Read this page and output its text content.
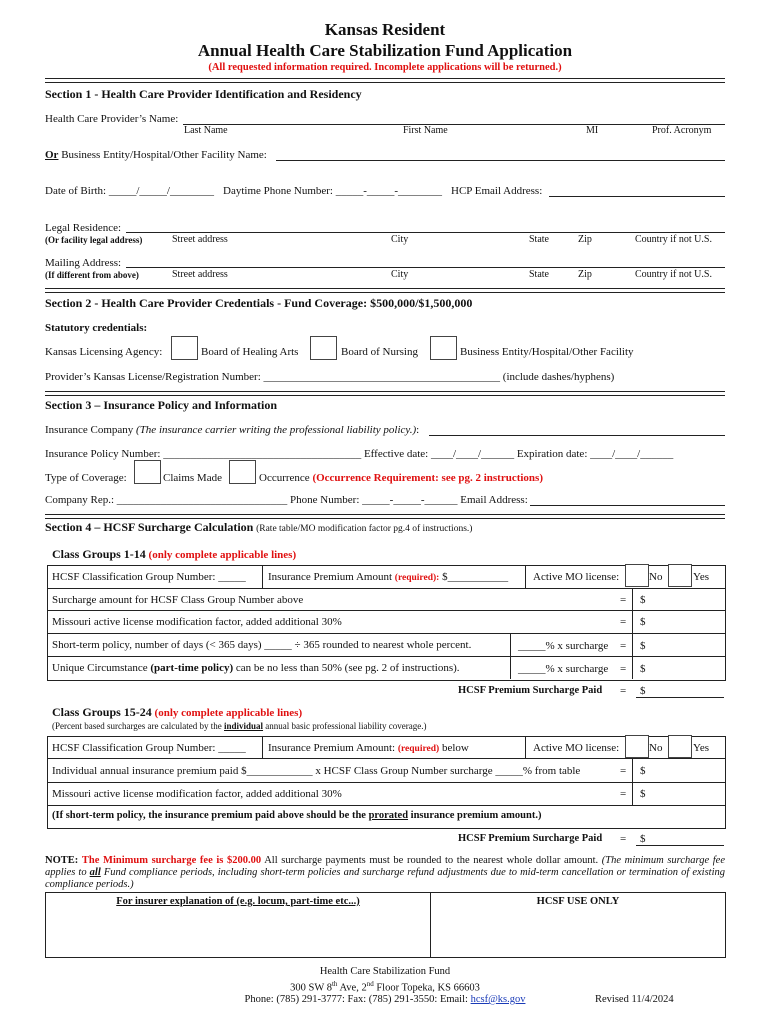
Kansas Resident
Annual Health Care Stabilization Fund Application
(All requested information required. Incomplete applications will be returned.)
Section 1 - Health Care Provider Identification and Residency
Health Care Provider’s Name:
Last Name	First Name	MI	Prof. Acronym
Or Business Entity/Hospital/Other Facility Name:
Date of Birth: _____/_____/________ Daytime Phone Number: _____-_____-________ HCP Email Address:
Legal Residence:
(Or facility legal address)	Street address	City	State	Zip	Country if not U.S.
Mailing Address:
(If different from above)	Street address	City	State	Zip	Country if not U.S.
Section 2 - Health Care Provider Credentials - Fund Coverage: $500,000/$1,500,000
Statutory credentials:
Kansas Licensing Agency:	Board of Healing Arts	Board of Nursing	Business Entity/Hospital/Other Facility
Provider’s Kansas License/Registration Number: ___________________________________________ (include dashes/hyphens)
Section 3 – Insurance Policy and Information
Insurance Company (The insurance carrier writing the professional liability policy.):
Insurance Policy Number: ____________________________________ Effective date: ____/____/______ Expiration date: ____/____/______
Type of Coverage:	Claims Made	Occurrence (Occurrence Requirement: see pg. 2 instructions)
Company Rep.: _______________________________ Phone Number: _____-_____-______ Email Address:
Section 4 – HCSF Surcharge Calculation (Rate table/MO modification factor pg.4 of instructions.)
Class Groups 1-14 (only complete applicable lines)
HCSF Classification Group Number: _____ Insurance Premium Amount (required): $___________ Active MO license:	No	Yes
Surcharge amount for HCSF Class Group Number above	= $
Missouri active license modification factor, added additional 30%	= $
Short-term policy, number of days (< 365 days) _____ ÷ 365 rounded to nearest whole percent.	_____% x surcharge = $
Unique Circumstance (part-time policy) can be no less than 50% (see pg. 2 of instructions).	_____% x surcharge = $
HCSF Premium Surcharge Paid = $
Class Groups 15-24 (only complete applicable lines)
(Percent based surcharges are calculated by the individual annual basic professional liability coverage.)
HCSF Classification Group Number: _____ Insurance Premium Amount: (required) below	Active MO license:	No	Yes
Individual annual insurance premium paid $____________ x HCSF Class Group Number surcharge _____% from table	= $
Missouri active license modification factor, added additional 30%	= $
(If short-term policy, the insurance premium paid above should be the prorated insurance premium amount.)
HCSF Premium Surcharge Paid = $
NOTE: The Minimum surcharge fee is $200.00 All surcharge payments must be rounded to the nearest whole dollar amount. (The minimum surcharge fee applies to all Fund compliance periods, including short-term policies and surcharge refund adjustments due to mid-term cancellation or termination of existing compliance periods.)
For insurer explanation of (e.g. locum, part-time etc...)	HCSF USE ONLY
Health Care Stabilization Fund
300 SW 8th Ave, 2nd Floor Topeka, KS 66603
Phone: (785) 291-3777: Fax: (785) 291-3550: Email: hcsf@ks.gov	Revised 11/4/2024
